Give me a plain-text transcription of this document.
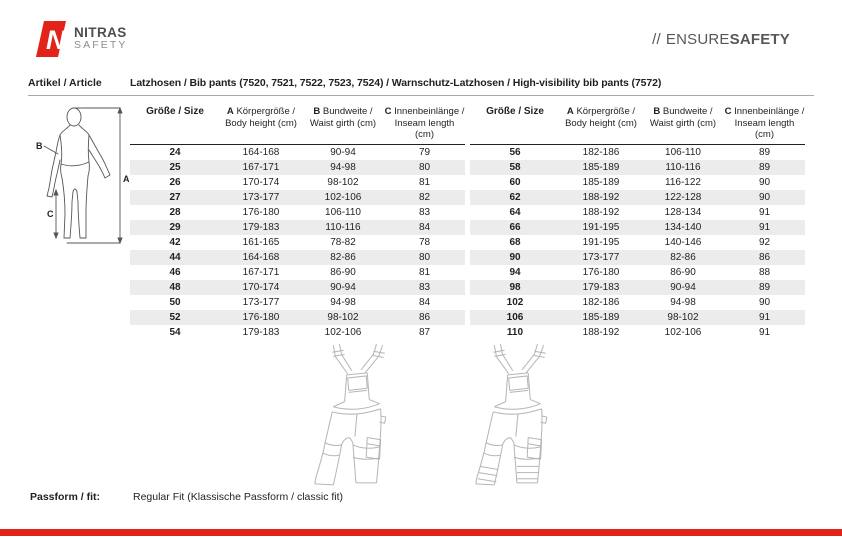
N NITRAS
SAFETY	// ENSURESAFETY
Artikel / Article	Latzhosen / Bib pants (7520, 7521, 7522, 7523, 7524) / Warnschutz-Latzhosen / High-visibility bib pants (7572)
A
B
C
Größe / Size	A Körpergröße /
Body height (cm)
B Bundweite /
Waist girth (cm)
C Innenbeinlänge /
Inseam length (cm)
24	164-168	90-94	79
25	167-171	94-98	80
26	170-174	98-102	81
27	173-177	102-106	82
28	176-180	106-110	83
29	179-183	110-116	84
42	161-165	78-82	78
44	164-168	82-86	80
46	167-171	86-90	81
48	170-174	90-94	83
50	173-177	94-98	84
52	176-180	98-102	86
54	179-183	102-106	87
Größe / Size	A Körpergröße /
Body height (cm)
B Bundweite /
Waist girth (cm)
C Innenbeinlänge /
Inseam length (cm)
56	182-186	106-110	89
58	185-189	110-116	89
60	185-189	116-122	90
62	188-192	122-128	90
64	188-192	128-134	91
66	191-195	134-140	91
68	191-195	140-146	92
90	173-177	82-86	86
94	176-180	86-90	88
98	179-183	90-94	89
102	182-186	94-98	90
106	185-189	98-102	91
110	188-192	102-106	91
Passform / fit:	Regular Fit (Klassische Passform / classic fit)
